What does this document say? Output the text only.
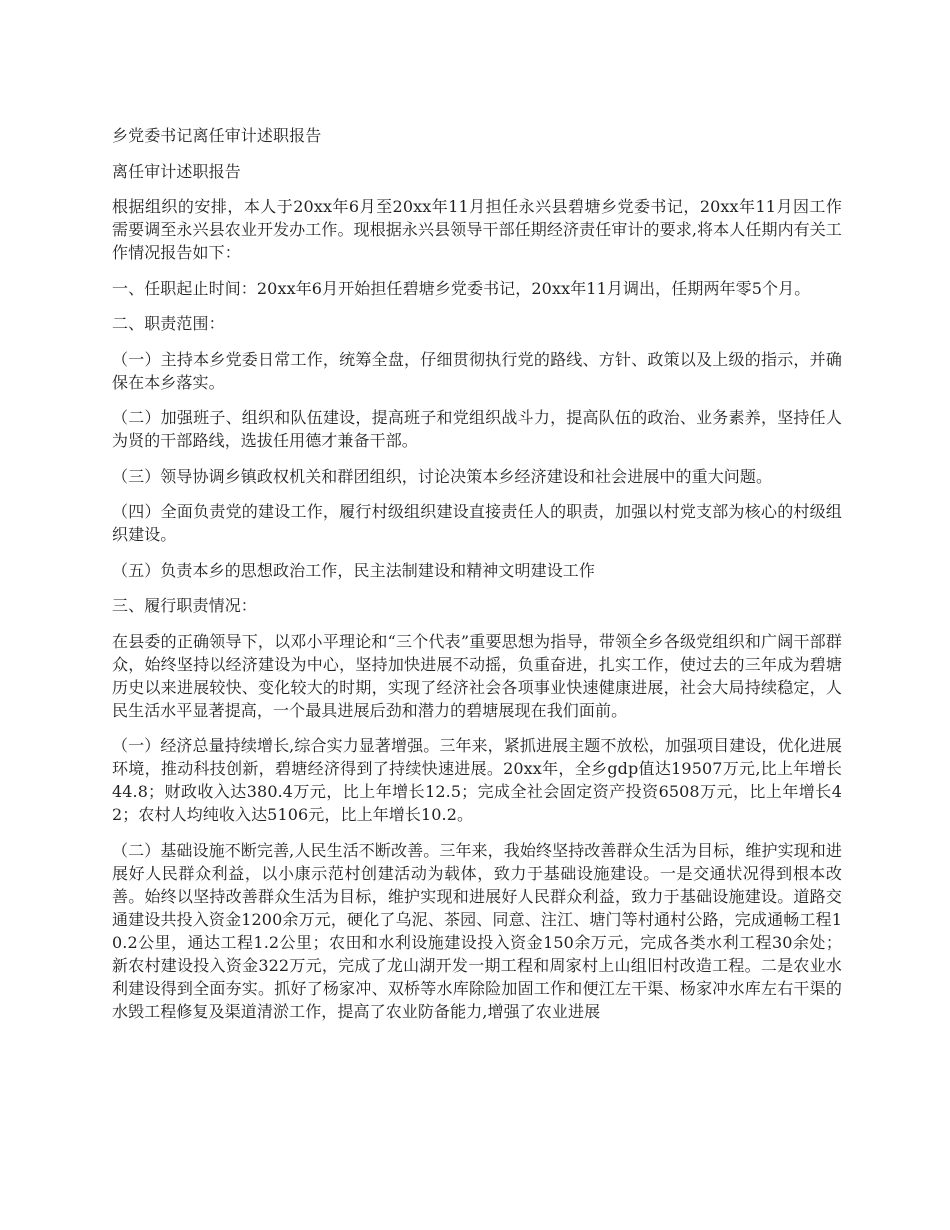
乡党委书记离任审计述职报告

离任审计述职报告

根据组织的安排，本人于20xx年6月至20xx年11月担任永兴县碧塘乡党委书记，20xx年11月因工作需要调至永兴县农业开发办工作。现根据永兴县领导干部任期经济责任审计的要求,将本人任期内有关工作情况报告如下：

一、任职起止时间：20xx年6月开始担任碧塘乡党委书记，20xx年11月调出，任期两年零5个月。

二、职责范围：

（一）主持本乡党委日常工作，统筹全盘，仔细贯彻执行党的路线、方针、政策以及上级的指示，并确保在本乡落实。

（二）加强班子、组织和队伍建设，提高班子和党组织战斗力，提高队伍的政治、业务素养，坚持任人为贤的干部路线，选拔任用德才兼备干部。

（三）领导协调乡镇政权机关和群团组织，讨论决策本乡经济建设和社会进展中的重大问题。

（四）全面负责党的建设工作，履行村级组织建设直接责任人的职责，加强以村党支部为核心的村级组织建设。

（五）负责本乡的思想政治工作，民主法制建设和精神文明建设工作

三、履行职责情况：

在县委的正确领导下，以邓小平理论和“三个代表”重要思想为指导，带领全乡各级党组织和广阔干部群众，始终坚持以经济建设为中心，坚持加快进展不动摇，负重奋进，扎实工作，使过去的三年成为碧塘历史以来进展较快、变化较大的时期，实现了经济社会各项事业快速健康进展，社会大局持续稳定，人民生活水平显著提高，一个最具进展后劲和潜力的碧塘展现在我们面前。

（一）经济总量持续增长,综合实力显著增强。三年来，紧抓进展主题不放松，加强项目建设，优化进展环境，推动科技创新，碧塘经济得到了持续快速进展。20xx年，全乡gdp值达19507万元,比上年增长44.8；财政收入达380.4万元，比上年增长12.5；完成全社会固定资产投资6508万元，比上年增长42；农村人均纯收入达5106元，比上年增长10.2。

（二）基础设施不断完善,人民生活不断改善。三年来，我始终坚持改善群众生活为目标，维护实现和进展好人民群众利益，以小康示范村创建活动为载体，致力于基础设施建设。一是交通状况得到根本改善。始终以坚持改善群众生活为目标，维护实现和进展好人民群众利益，致力于基础设施建设。道路交通建设共投入资金1200余万元，硬化了乌泥、茶园、同意、注江、塘门等村通村公路，完成通畅工程10.2公里，通达工程1.2公里；农田和水利设施建设投入资金150余万元，完成各类水利工程30余处；新农村建设投入资金322万元，完成了龙山湖开发一期工程和周家村上山组旧村改造工程。二是农业水利建设得到全面夯实。抓好了杨家冲、双桥等水库除险加固工作和便江左干渠、杨家冲水库左右干渠的水毁工程修复及渠道清淤工作，提高了农业防备能力,增强了农业进展
